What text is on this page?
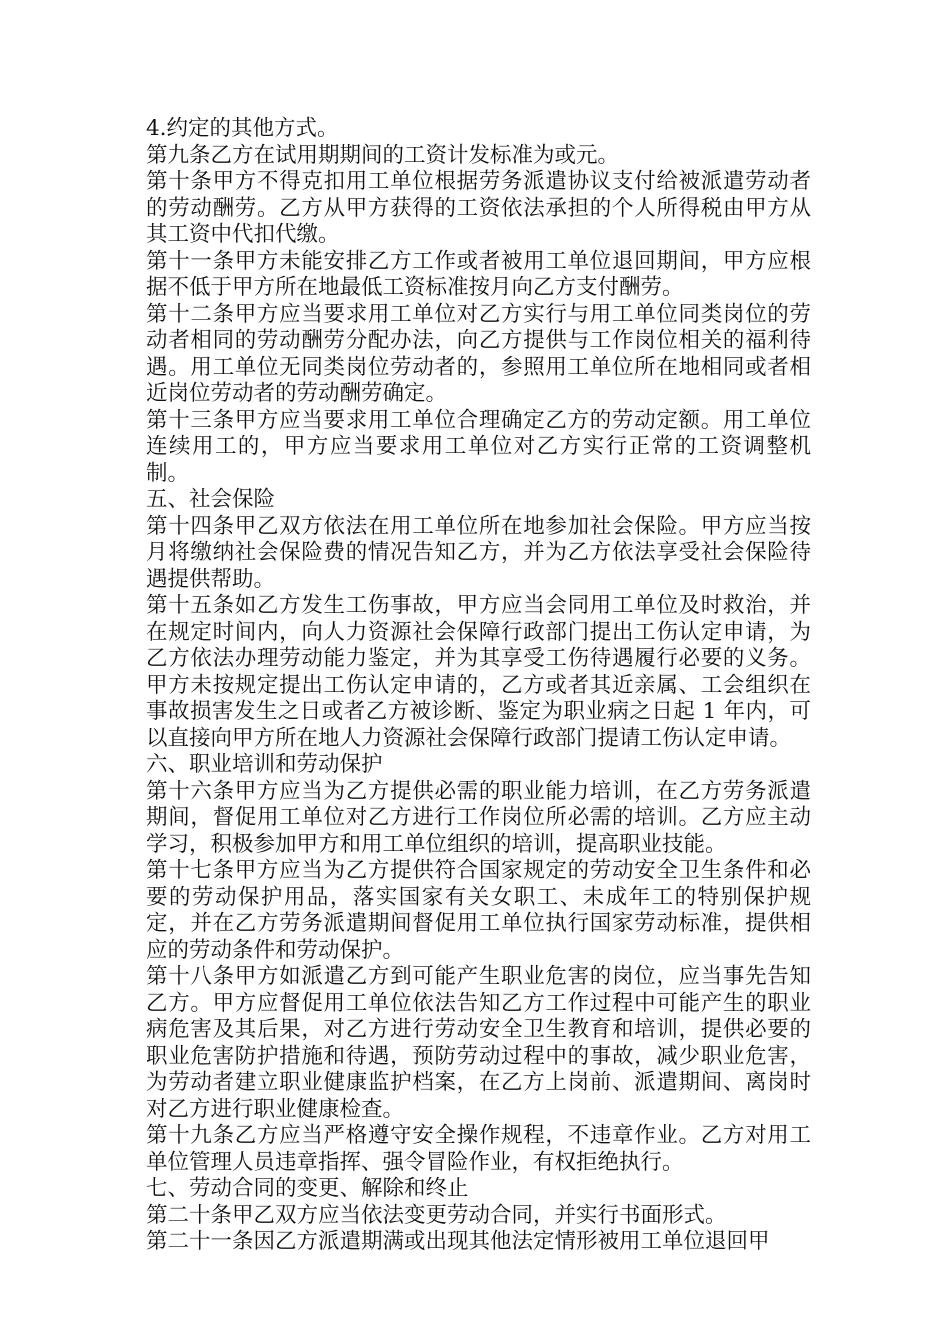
4.约定的其他方式。

第九条乙方在试用期期间的工资计发标准为或元。

第十条甲方不得克扣用工单位根据劳务派遣协议支付给被派遣劳动者的劳动酬劳。乙方从甲方获得的工资依法承担的个人所得税由甲方从其工资中代扣代缴。

第十一条甲方未能安排乙方工作或者被用工单位退回期间，甲方应根据不低于甲方所在地最低工资标准按月向乙方支付酬劳。

第十二条甲方应当要求用工单位对乙方实行与用工单位同类岗位的劳动者相同的劳动酬劳分配办法，向乙方提供与工作岗位相关的福利待遇。用工单位无同类岗位劳动者的，参照用工单位所在地相同或者相近岗位劳动者的劳动酬劳确定。

第十三条甲方应当要求用工单位合理确定乙方的劳动定额。用工单位连续用工的，甲方应当要求用工单位对乙方实行正常的工资调整机制。

五、社会保险

第十四条甲乙双方依法在用工单位所在地参加社会保险。甲方应当按月将缴纳社会保险费的情况告知乙方，并为乙方依法享受社会保险待遇提供帮助。

第十五条如乙方发生工伤事故，甲方应当会同用工单位及时救治，并在规定时间内，向人力资源社会保障行政部门提出工伤认定申请，为乙方依法办理劳动能力鉴定，并为其享受工伤待遇履行必要的义务。甲方未按规定提出工伤认定申请的，乙方或者其近亲属、工会组织在事故损害发生之日或者乙方被诊断、鉴定为职业病之日起 1 年内，可以直接向甲方所在地人力资源社会保障行政部门提请工伤认定申请。

六、职业培训和劳动保护

第十六条甲方应当为乙方提供必需的职业能力培训，在乙方劳务派遣期间，督促用工单位对乙方进行工作岗位所必需的培训。乙方应主动学习，积极参加甲方和用工单位组织的培训，提高职业技能。

第十七条甲方应当为乙方提供符合国家规定的劳动安全卫生条件和必要的劳动保护用品，落实国家有关女职工、未成年工的特别保护规定，并在乙方劳务派遣期间督促用工单位执行国家劳动标准，提供相应的劳动条件和劳动保护。

第十八条甲方如派遣乙方到可能产生职业危害的岗位，应当事先告知乙方。甲方应督促用工单位依法告知乙方工作过程中可能产生的职业病危害及其后果，对乙方进行劳动安全卫生教育和培训，提供必要的职业危害防护措施和待遇，预防劳动过程中的事故，减少职业危害，为劳动者建立职业健康监护档案，在乙方上岗前、派遣期间、离岗时对乙方进行职业健康检查。

第十九条乙方应当严格遵守安全操作规程，不违章作业。乙方对用工单位管理人员违章指挥、强令冒险作业，有权拒绝执行。

七、劳动合同的变更、解除和终止

第二十条甲乙双方应当依法变更劳动合同，并实行书面形式。

第二十一条因乙方派遣期满或出现其他法定情形被用工单位退回甲
